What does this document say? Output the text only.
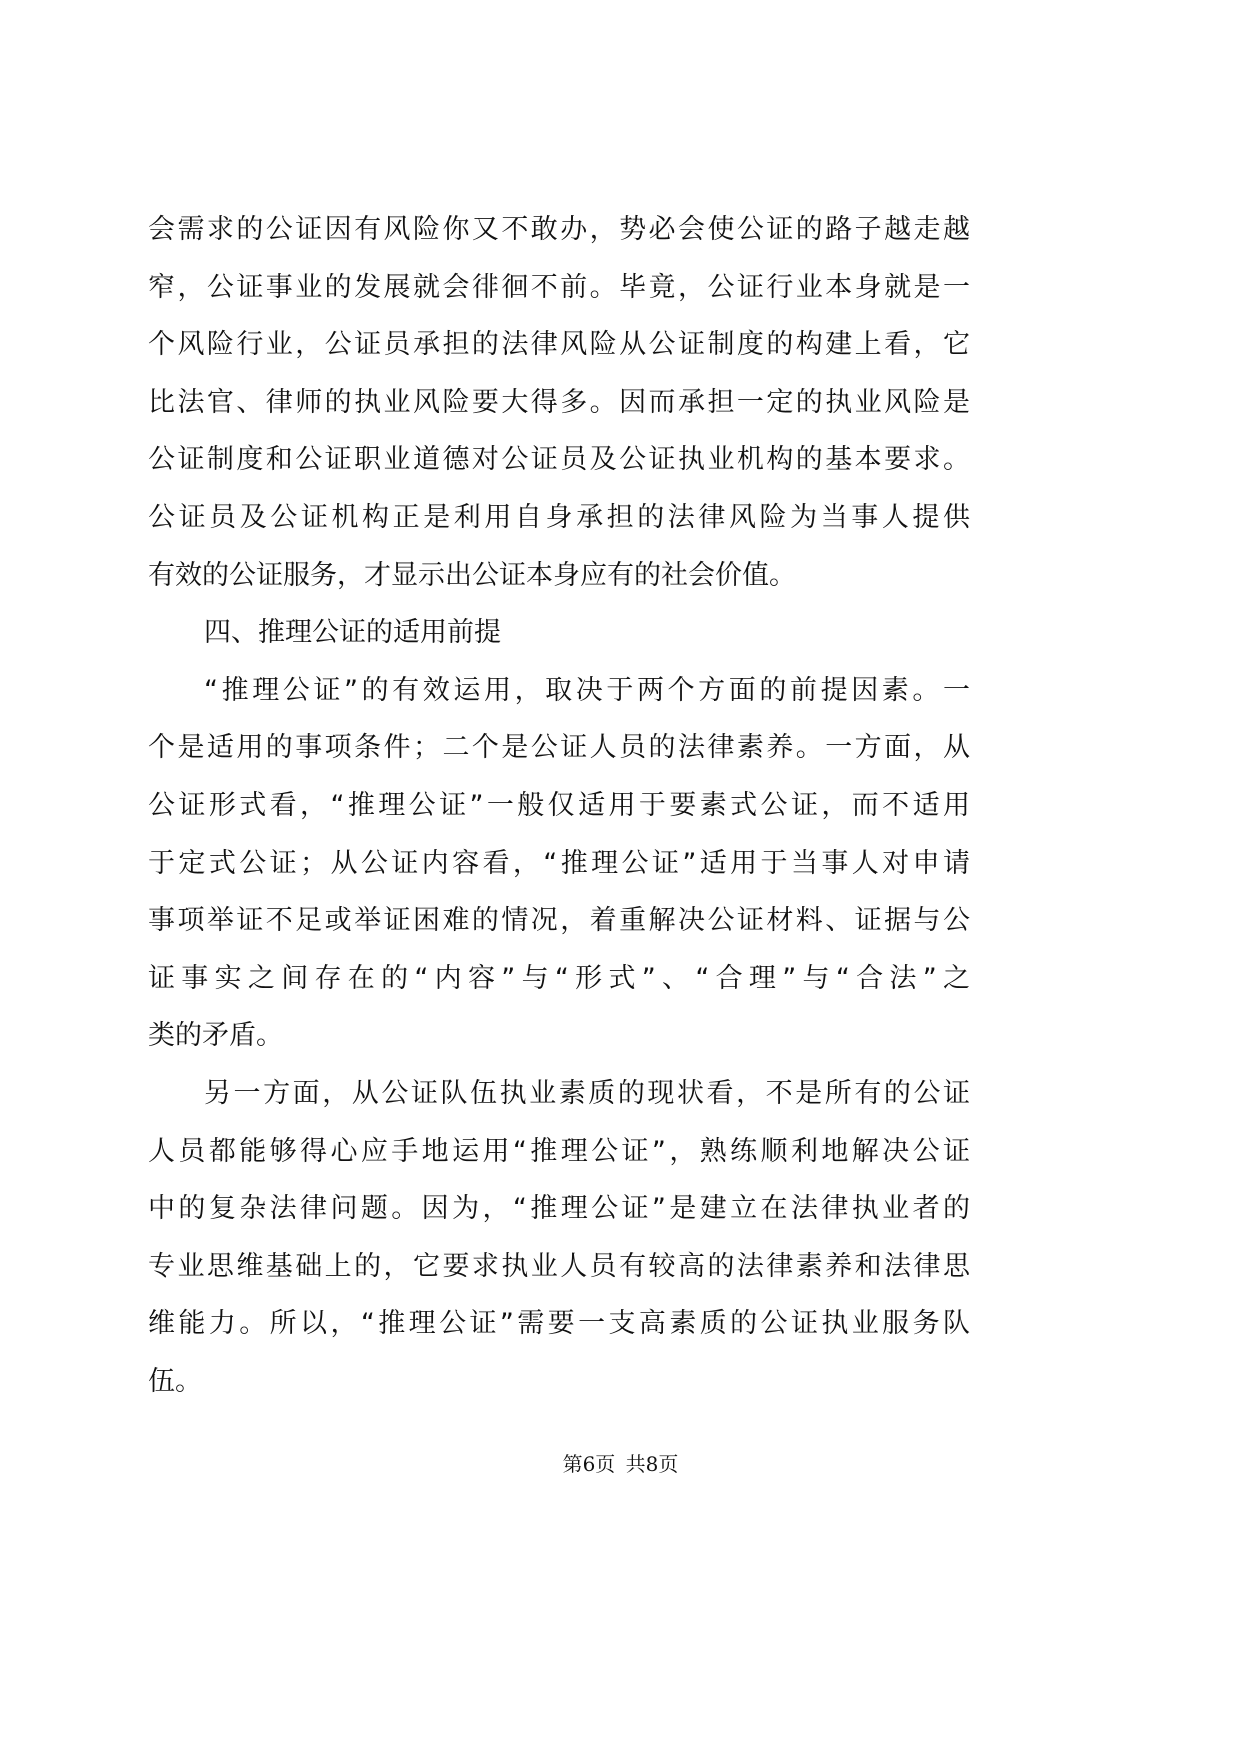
会需求的公证因有风险你又不敢办，势必会使公证的路子越走越
窄，公证事业的发展就会徘徊不前。毕竟，公证行业本身就是一
个风险行业，公证员承担的法律风险从公证制度的构建上看，它
比法官、律师的执业风险要大得多。因而承担一定的执业风险是
公证制度和公证职业道德对公证员及公证执业机构的基本要求。
公证员及公证机构正是利用自身承担的法律风险为当事人提供
有效的公证服务，才显示出公证本身应有的社会价值。
四、推理公证的适用前提
“推理公证”的有效运用，取决于两个方面的前提因素。一
个是适用的事项条件；二个是公证人员的法律素养。一方面，从
公证形式看，“推理公证”一般仅适用于要素式公证，而不适用
于定式公证；从公证内容看，“推理公证”适用于当事人对申请
事项举证不足或举证困难的情况，着重解决公证材料、证据与公
证事实之间存在的“内容”与“形式”、“合理”与“合法”之
类的矛盾。
另一方面，从公证队伍执业素质的现状看，不是所有的公证
人员都能够得心应手地运用“推理公证”，熟练顺利地解决公证
中的复杂法律问题。因为，“推理公证”是建立在法律执业者的
专业思维基础上的，它要求执业人员有较高的法律素养和法律思
维能力。所以，“推理公证”需要一支高素质的公证执业服务队
伍。
第6页 共8页
